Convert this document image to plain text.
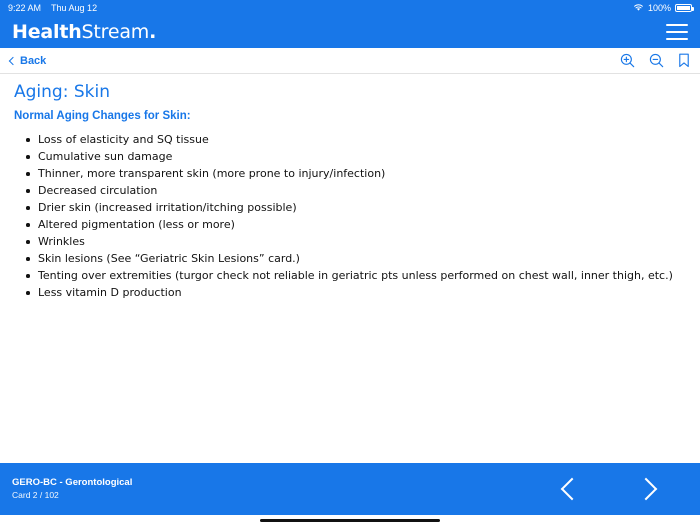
9:22 AM Thu Aug 12	100%
HealthStream.
Back
Aging: Skin
Normal Aging Changes for Skin:
Loss of elasticity and SQ tissue
Cumulative sun damage
Thinner, more transparent skin (more prone to injury/infection)
Decreased circulation
Drier skin (increased irritation/itching possible)
Altered pigmentation (less or more)
Wrinkles
Skin lesions (See “Geriatric Skin Lesions” card.)
Tenting over extremities (turgor check not reliable in geriatric pts unless performed on chest wall, inner thigh, etc.)
Less vitamin D production
GERO-BC - Gerontological
Card 2 / 102
